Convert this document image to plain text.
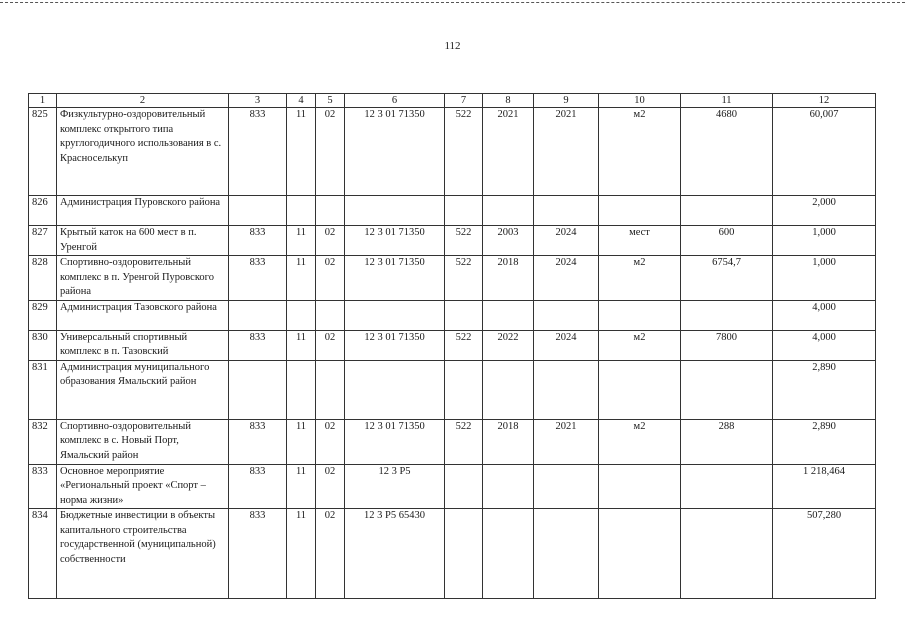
112
1	2	3	4	5	6	7	8	9	10	11	12
825	Физкультурно-оздоровительный комплекс открытого типа круглогодичного использования в с. Красноселькуп	833	11	02	12 3 01 71350	522	2021	2021	м2	4680	60,007
826	Администрация Пуровского района										2,000
827	Крытый каток на 600 мест в п. Уренгой	833	11	02	12 3 01 71350	522	2003	2024	мест	600	1,000
828	Спортивно-оздоровительный комплекс в п. Уренгой Пуровского района	833	11	02	12 3 01 71350	522	2018	2024	м2	6754,7	1,000
829	Администрация Тазовского района										4,000
830	Универсальный спортивный комплекс в п. Тазовский	833	11	02	12 3 01 71350	522	2022	2024	м2	7800	4,000
831	Администрация муниципального образования Ямальский район										2,890
832	Спортивно-оздоровительный комплекс в с. Новый Порт, Ямальский район	833	11	02	12 3 01 71350	522	2018	2021	м2	288	2,890
833	Основное мероприятие «Региональный проект «Спорт – норма жизни»	833	11	02	12 3 P5						1 218,464
834	Бюджетные инвестиции в объекты капитального строительства государственной (муниципальной) собственности	833	11	02	12 3 P5 65430						507,280
